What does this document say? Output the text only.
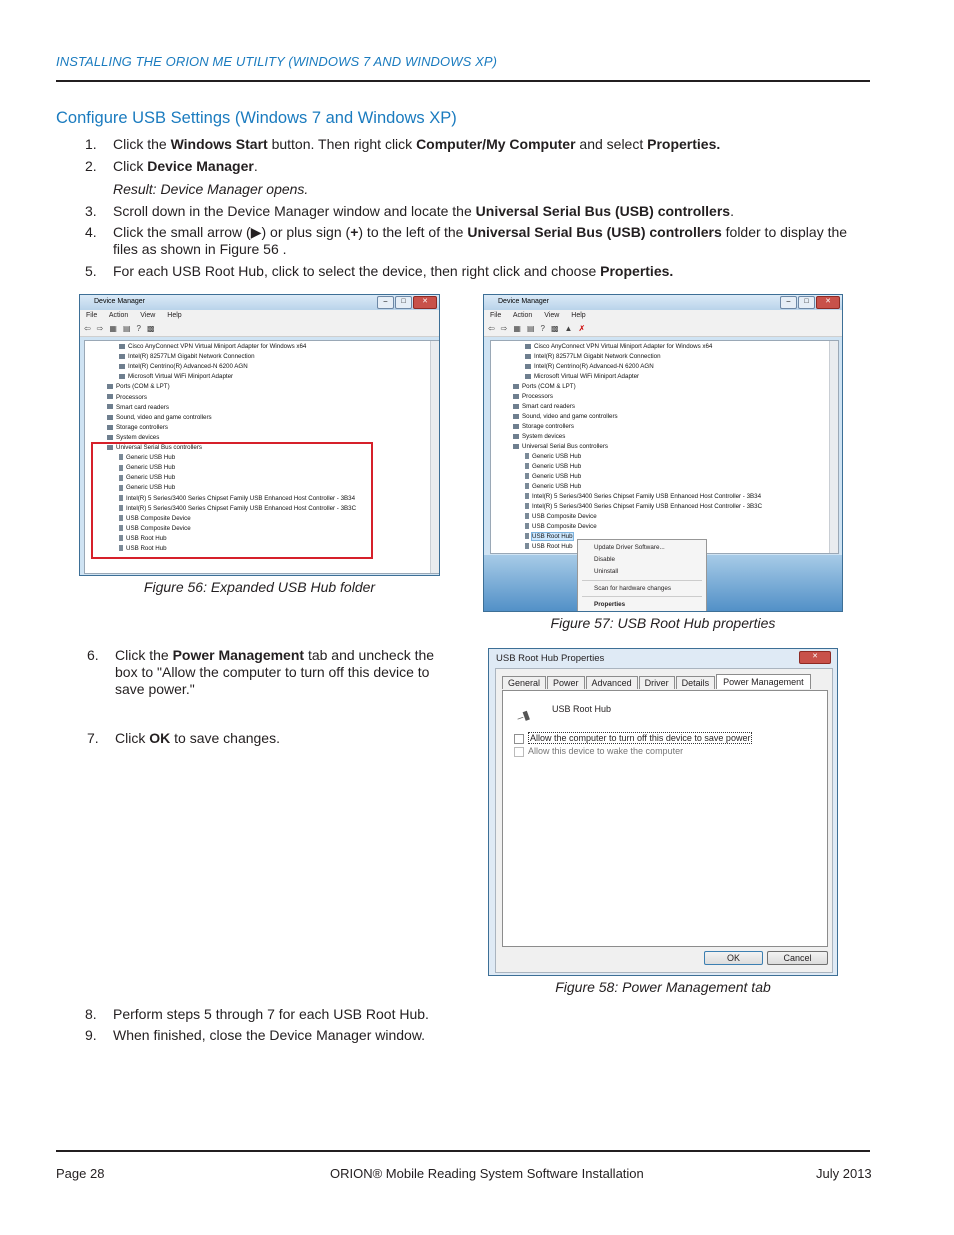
INSTALLING THE ORION ME UTILITY (WINDOWS 7 AND WINDOWS XP)
Configure USB Settings (Windows 7 and Windows XP)
1. Click the Windows Start button. Then right click Computer/My Computer and select Properties.
2. Click Device Manager.
Result: Device Manager opens.
3. Scroll down in the Device Manager window and locate the Universal Serial Bus (USB) controllers.
4. Click the small arrow (▶) or plus sign (+) to the left of the Universal Serial Bus (USB) controllers folder to display the files as shown in Figure 56 .
5. For each USB Root Hub, click to select the device, then right click and choose Properties.
Device Manager	–	□	✕
File Action View Help
⇦ ⇨ ▦ ▤ ? ▩
Cisco AnyConnect VPN Virtual Miniport Adapter for Windows x64
Intel(R) 82577LM Gigabit Network Connection
Intel(R) Centrino(R) Advanced-N 6200 AGN
Microsoft Virtual WiFi Miniport Adapter
Ports (COM & LPT)
Processors
Smart card readers
Sound, video and game controllers
Storage controllers
System devices
Universal Serial Bus controllers
Generic USB Hub
Generic USB Hub
Generic USB Hub
Generic USB Hub
Intel(R) 5 Series/3400 Series Chipset Family USB Enhanced Host Controller - 3B34
Intel(R) 5 Series/3400 Series Chipset Family USB Enhanced Host Controller - 3B3C
USB Composite Device
USB Composite Device
USB Root Hub
USB Root Hub
Figure 56: Expanded USB Hub folder
Device Manager	–	□	✕
File Action View Help
⇦ ⇨ ▦ ▤ ? ▩ ▲ ✗
Cisco AnyConnect VPN Virtual Miniport Adapter for Windows x64
Intel(R) 82577LM Gigabit Network Connection
Intel(R) Centrino(R) Advanced-N 6200 AGN
Microsoft Virtual WiFi Miniport Adapter
Ports (COM & LPT)
Processors
Smart card readers
Sound, video and game controllers
Storage controllers
System devices
Universal Serial Bus controllers
Generic USB Hub
Generic USB Hub
Generic USB Hub
Generic USB Hub
Intel(R) 5 Series/3400 Series Chipset Family USB Enhanced Host Controller - 3B34
Intel(R) 5 Series/3400 Series Chipset Family USB Enhanced Host Controller - 3B3C
USB Composite Device
USB Composite Device
USB Root Hub
USB Root Hub	Update Driver Software...
Disable
Uninstall
Scan for hardware changes
Properties
Figure 57: USB Root Hub properties
6. Click the Power Management tab and uncheck the box to "Allow the computer to turn off this device to save power."
7. Click OK to save changes.
USB Root Hub Properties	✕
General	Power	Advanced	Driver	Details	Power Management
⎯▮ USB Root Hub
Allow the computer to turn off this device to save power
Allow this device to wake the computer
OK	Cancel
Figure 58: Power Management tab
8. Perform steps 5 through 7 for each USB Root Hub.
9. When finished, close the Device Manager window.
Page 28	ORION® Mobile Reading System Software Installation	July 2013
